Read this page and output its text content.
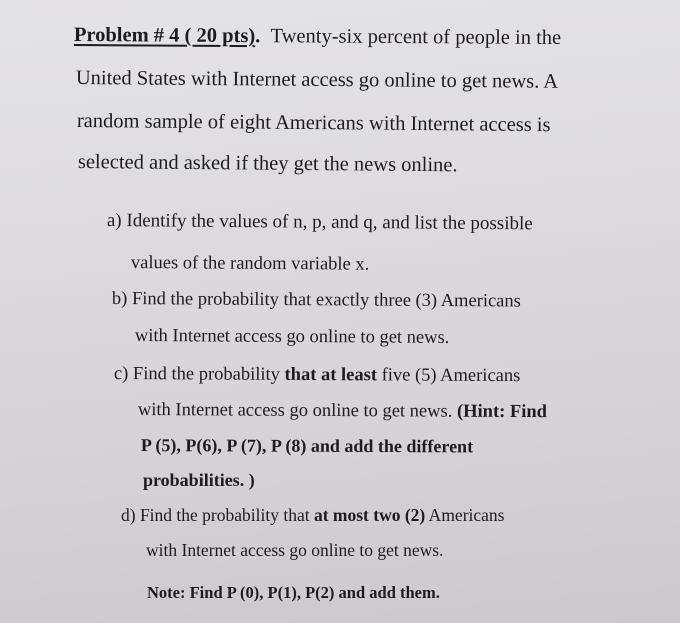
Problem # 4 ( 20 pts). Twenty-six percent of people in the
United States with Internet access go online to get news. A
random sample of eight Americans with Internet access is
selected and asked if they get the news online.
a) Identify the values of n, p, and q, and list the possible
values of the random variable x.
b) Find the probability that exactly three (3) Americans
with Internet access go online to get news.
c) Find the probability that at least five (5) Americans
with Internet access go online to get news. (Hint: Find
P (5), P(6), P (7), P (8) and add the different
probabilities. )
d) Find the probability that at most two (2) Americans
with Internet access go online to get news.
Note: Find P (0), P(1), P(2) and add them.
